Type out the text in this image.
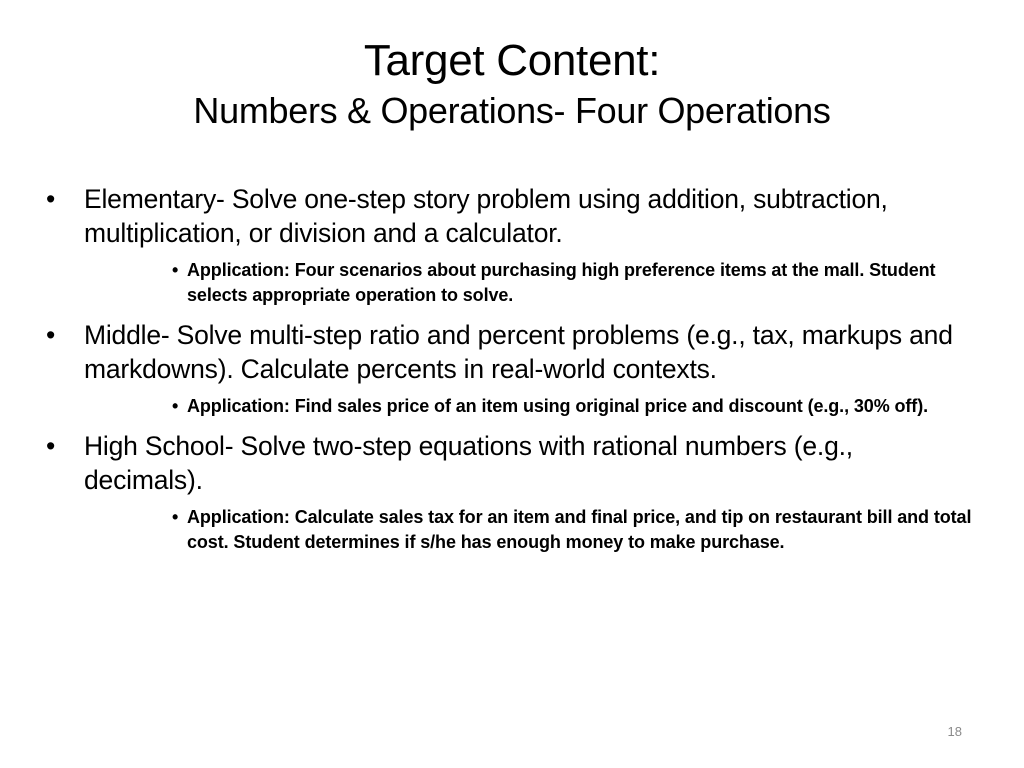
Target Content:
Numbers & Operations- Four Operations
• Elementary- Solve one-step story problem using addition, subtraction, multiplication, or division and a calculator.
• Application: Four scenarios about purchasing high preference items at the mall. Student selects appropriate operation to solve.
• Middle- Solve multi-step ratio and percent problems (e.g., tax, markups and markdowns). Calculate percents in real-world contexts.
• Application: Find sales price of an item using original price and discount (e.g., 30% off).
• High School- Solve two-step equations with rational numbers (e.g., decimals).
• Application: Calculate sales tax for an item and final price, and tip on restaurant bill and total cost. Student determines if s/he has enough money to make purchase.
18
